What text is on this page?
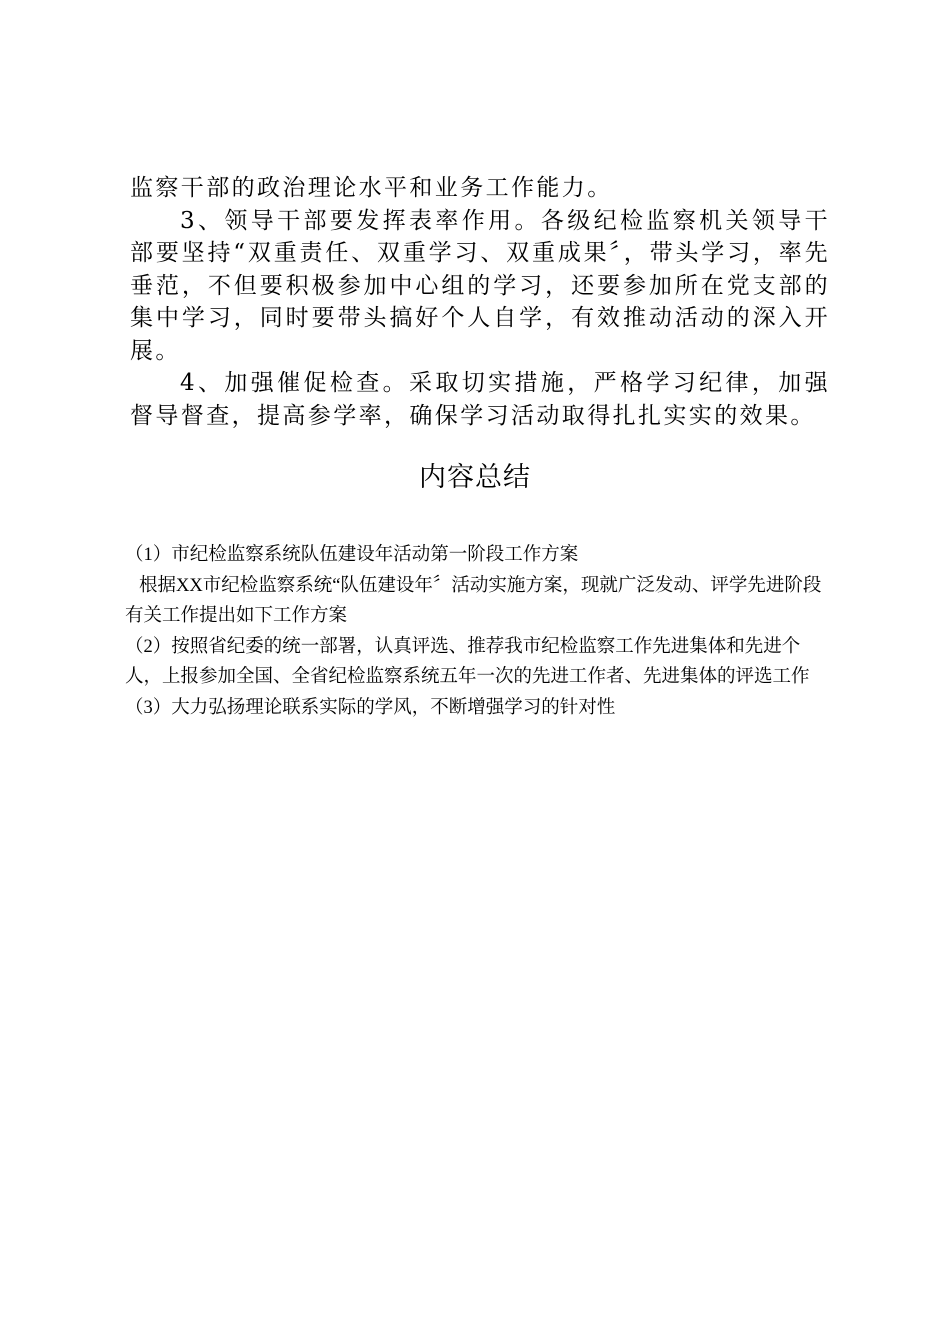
监察干部的政治理论水平和业务工作能力。

3、领导干部要发挥表率作用。各级纪检监察机关领导干部要坚持“双重责任、双重学习、双重成果〞，带头学习，率先垂范，不但要积极参加中心组的学习，还要参加所在党支部的集中学习，同时要带头搞好个人自学，有效推动活动的深入开展。

4、加强催促检查。采取切实措施，严格学习纪律，加强督导督查，提高参学率，确保学习活动取得扎扎实实的效果。

内容总结

（1）市纪检监察系统队伍建设年活动第一阶段工作方案

根据XX市纪检监察系统“队伍建设年〞活动实施方案，现就广泛发动、评学先进阶段有关工作提出如下工作方案

（2）按照省纪委的统一部署，认真评选、推荐我市纪检监察工作先进集体和先进个人，上报参加全国、全省纪检监察系统五年一次的先进工作者、先进集体的评选工作

（3）大力弘扬理论联系实际的学风，不断增强学习的针对性
